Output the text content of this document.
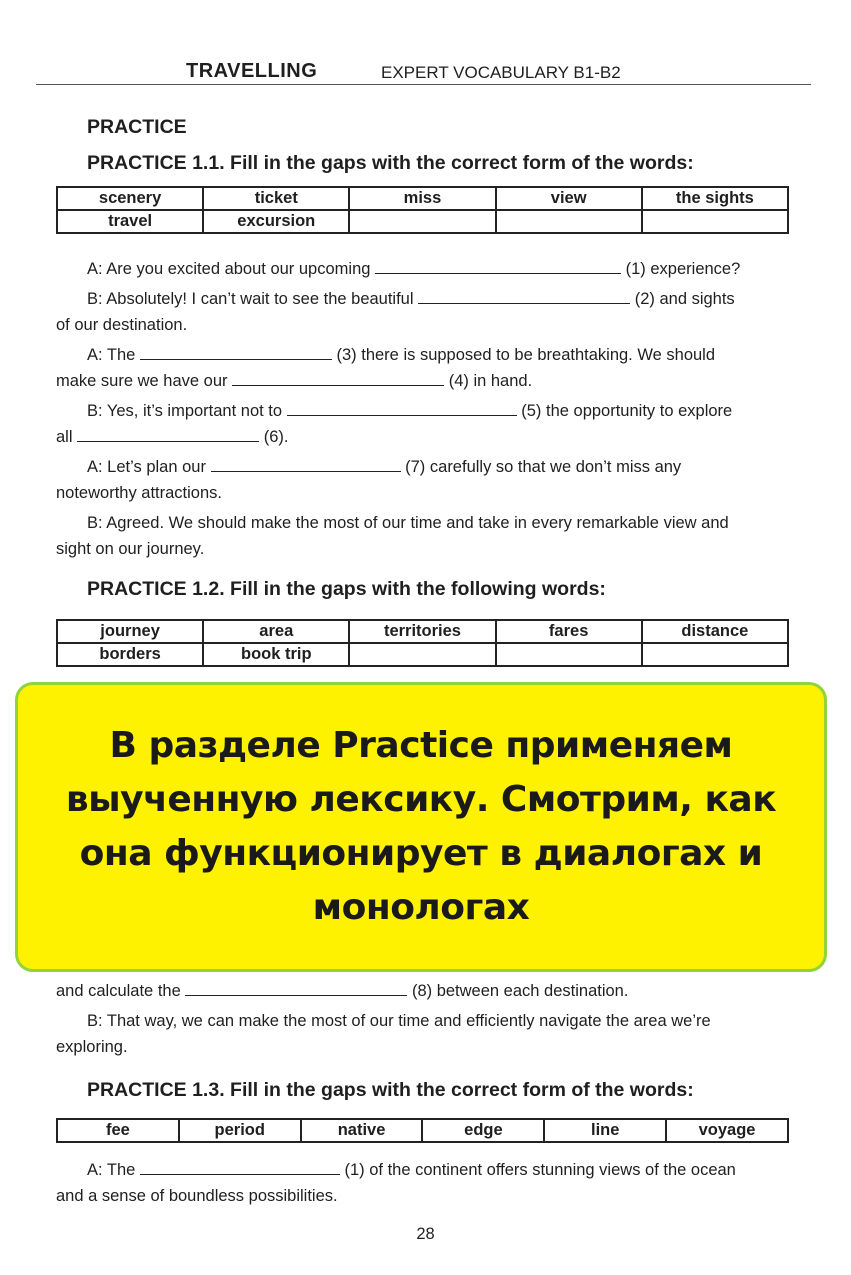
TRAVELLING	EXPERT VOCABULARY B1-B2
PRACTICE
PRACTICE 1.1. Fill in the gaps with the correct form of the words:
scenery	ticket	miss	view	the sights
travel	excursion			
A: Are you excited about our upcoming	(1) experience?
B: Absolutely! I can’t wait to see the beautiful	(2) and sights
of our destination.
A: The	(3) there is supposed to be breathtaking. We should
make sure we have our	(4) in hand.
B: Yes, it’s important not to	(5) the opportunity to explore
all	(6).
A: Let’s plan our	(7) carefully so that we don’t miss any
noteworthy attractions.
B: Agreed. We should make the most of our time and take in every remarkable view and
sight on our journey.
PRACTICE 1.2. Fill in the gaps with the following words:
journey	area	territories	fares	distance
borders	book trip			
В разделе Practice применяем выученную лексику. Смотрим, как она функционирует в диалогах и монологах
and calculate the	(8) between each destination.
B: That way, we can make the most of our time and efficiently navigate the area we’re
exploring.
PRACTICE 1.3. Fill in the gaps with the correct form of the words:
fee	period	native	edge	line	voyage
A: The	(1) of the continent offers stunning views of the ocean
and a sense of boundless possibilities.
28
